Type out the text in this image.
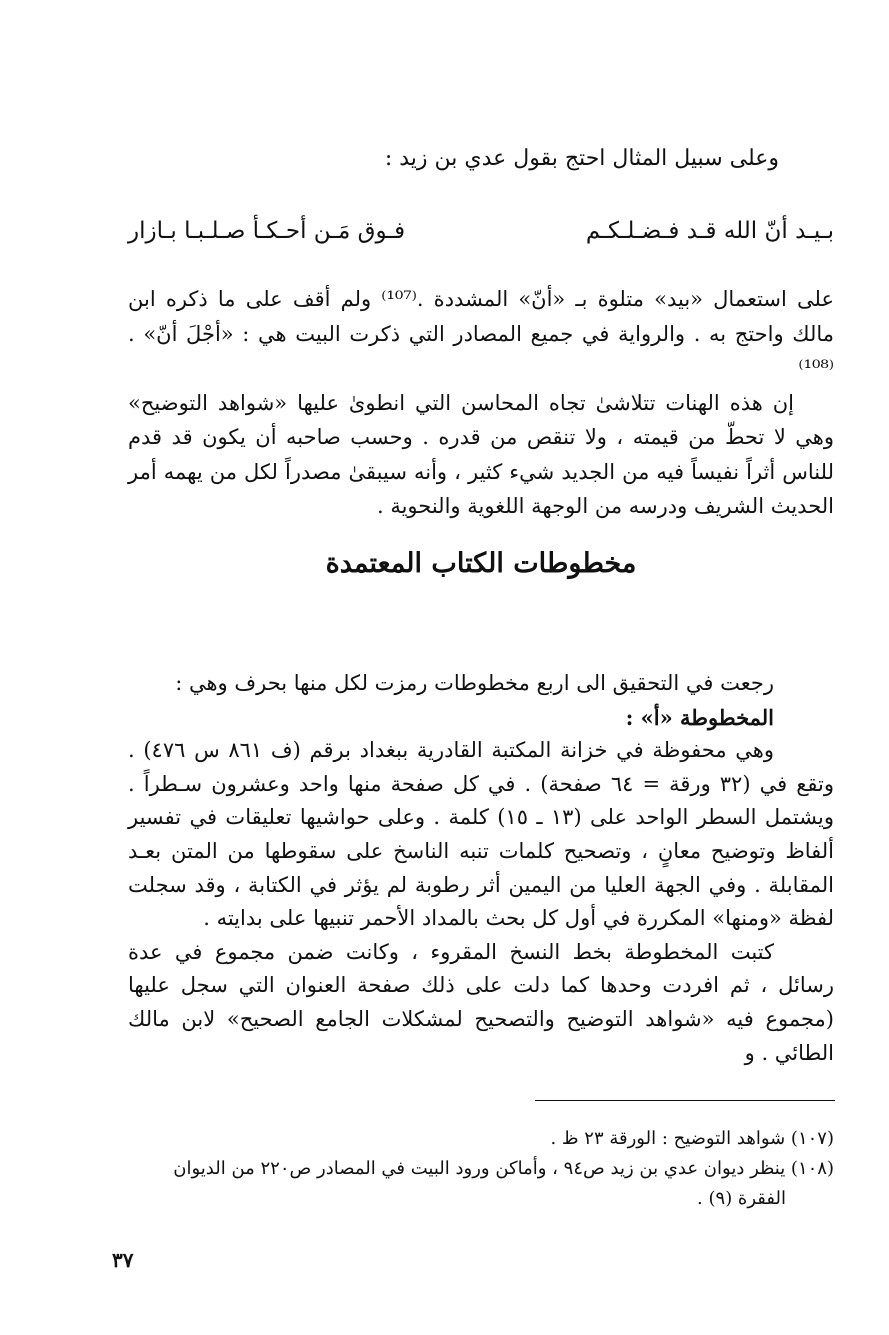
وعلى سبيل المثال احتج بقول عدي بن زيد :
بـيـد أنّ الله قـد فـضـلـكـم
فـوق مَـن أحـكـأ صـلـبـا بـازار

على استعمال «بيد» متلوة بـ «أنّ» المشددة .⁽¹⁰⁷⁾ ولم أقف على ما ذكره ابن مالك واحتج به . والرواية في جميع المصادر التي ذكرت البيت هي : «أجْلَ أنّ» .⁽¹⁰⁸⁾

إن هذه الهنات تتلاشىٰ تجاه المحاسن التي انطوىٰ عليها «شواهد التوضيح» وهي لا تحطّ من قيمته ، ولا تنقص من قدره . وحسب صاحبه أن يكون قد قدم للناس أثراً نفيساً فيه من الجديد شيء كثير ، وأنه سيبقىٰ مصدراً لكل من يهمه أمر الحديث الشريف ودرسه من الوجهة اللغوية والنحوية .

مخطوطات الكتاب المعتمدة

رجعت في التحقيق الى اربع مخطوطات رمزت لكل منها بحرف وهي :

المخطوطة «أ» :

وهي محفوظة في خزانة المكتبة القادرية ببغداد برقم (ف ٨٦١ س ٤٧٦) . وتقع في (٣٢ ورقة = ٦٤ صفحة) . في كل صفحة منها واحد وعشرون سـطراً . ويشتمل السطر الواحد على (١٣ ـ ١٥) كلمة . وعلى حواشيها تعليقات في تفسير ألفاظ وتوضيح معانٍ ، وتصحيح كلمات تنبه الناسخ على سقوطها من المتن بعـد المقابلة . وفي الجهة العليا من اليمين أثر رطوبة لم يؤثر في الكتابة ، وقد سجلت لفظة «ومنها» المكررة في أول كل بحث بالمداد الأحمر تنبيها على بدايته .

كتبت المخطوطة بخط النسخ المقروء ، وكانت ضمن مجموع في عدة رسائل ، ثم افردت وحدها كما دلت على ذلك صفحة العنوان التي سجل عليها (مجموع فيه «شواهد التوضيح والتصحيح لمشكلات الجامع الصحيح» لابن مالك الطائي . و

(١٠٧) شواهد التوضيح : الورقة ٢٣ ظ .

(١٠٨) ينظر ديوان عدي بن زيد ص٩٤ ، وأماكن ورود البيت في المصادر ص٢٢٠ من الديوان

الفقرة (٩) .

٣٧
